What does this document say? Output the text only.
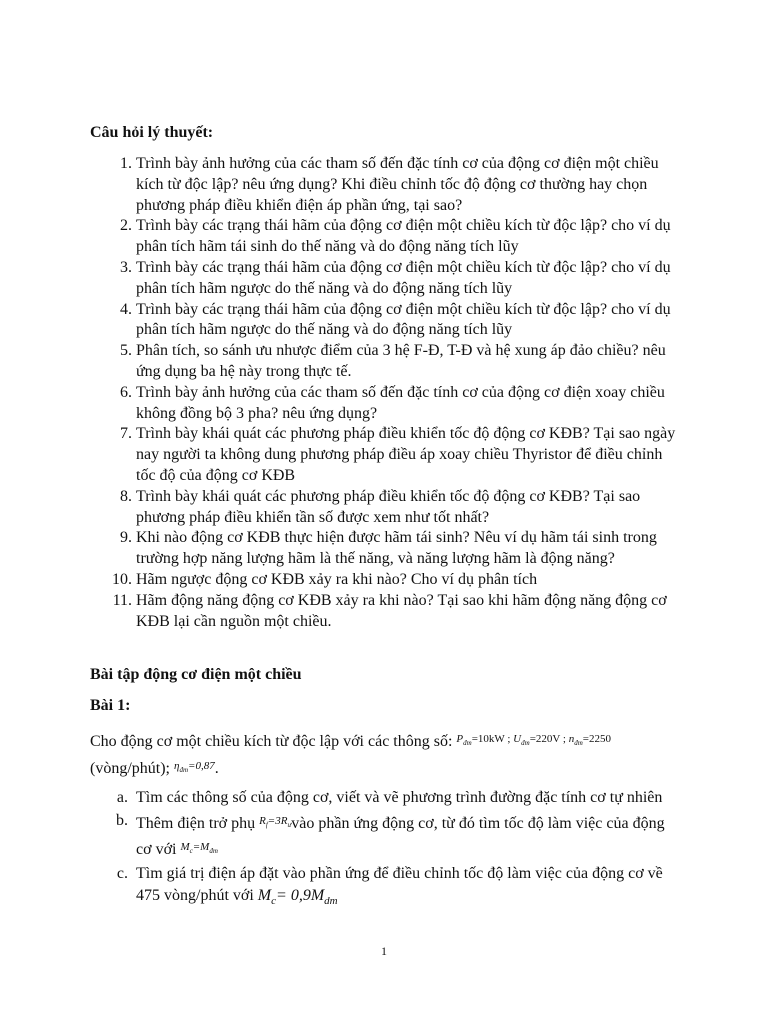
Câu hỏi lý thuyết:
1. Trình bày ảnh hưởng của các tham số đến đặc tính cơ của động cơ điện một chiều kích từ độc lập? nêu ứng dụng? Khi điều chỉnh tốc độ động cơ thường hay chọn phương pháp điều khiển điện áp phần ứng, tại sao?
2. Trình bày các trạng thái hãm của động cơ điện một chiều kích từ độc lập? cho ví dụ phân tích hãm tái sinh do thế năng và do động năng tích lũy
3. Trình bày các trạng thái hãm của động cơ điện một chiều kích từ độc lập? cho ví dụ phân tích hãm ngược do thế năng và do động năng tích lũy
4. Trình bày các trạng thái hãm của động cơ điện một chiều kích từ độc lập? cho ví dụ phân tích hãm ngược do thế năng và do động năng tích lũy
5. Phân tích, so sánh ưu nhược điểm của 3 hệ F-Đ, T-Đ và hệ xung áp đảo chiều? nêu ứng dụng ba hệ này trong thực tế.
6. Trình bày ảnh hưởng của các tham số đến đặc tính cơ của động cơ điện xoay chiều không đồng bộ 3 pha? nêu ứng dụng?
7. Trình bày khái quát các phương pháp điều khiển tốc độ động cơ KĐB? Tại sao ngày nay người ta không dung phương pháp điều áp xoay chiều Thyristor để điều chỉnh tốc độ của động cơ KĐB
8. Trình bày khái quát các phương pháp điều khiển tốc độ động cơ KĐB? Tại sao phương pháp điều khiển tần số được xem như tốt nhất?
9. Khi nào động cơ KĐB thực hiện được hãm tái sinh? Nêu ví dụ hãm tái sinh trong trường hợp năng lượng hãm là thế năng, và năng lượng hãm là động năng?
10. Hãm ngược động cơ KĐB xảy ra khi nào? Cho ví dụ phân tích
11. Hãm động năng động cơ KĐB xảy ra khi nào? Tại sao khi hãm động năng động cơ KĐB lại cần nguồn một chiều.
Bài tập động cơ điện một chiều
Bài 1:
Cho động cơ một chiều kích từ độc lập với các thông số: $^{P_{đm}=10kW ; U_{đm}=220V ; n_{đm}=2250}$
(vòng/phút); $^{\eta_{đm}=0,87}$.
a. Tìm các thông số của động cơ, viết và vẽ phương trình đường đặc tính cơ tự nhiên
b. Thêm điện trở phụ $^{R_f=3R_ư}$vào phần ứng động cơ, từ đó tìm tốc độ làm việc của động cơ với $^{M_c=M_{đm}}$
c. Tìm giá trị điện áp đặt vào phần ứng để điều chỉnh tốc độ làm việc của động cơ về 475 vòng/phút với $M_c= 0,9M_{dm}$
1
